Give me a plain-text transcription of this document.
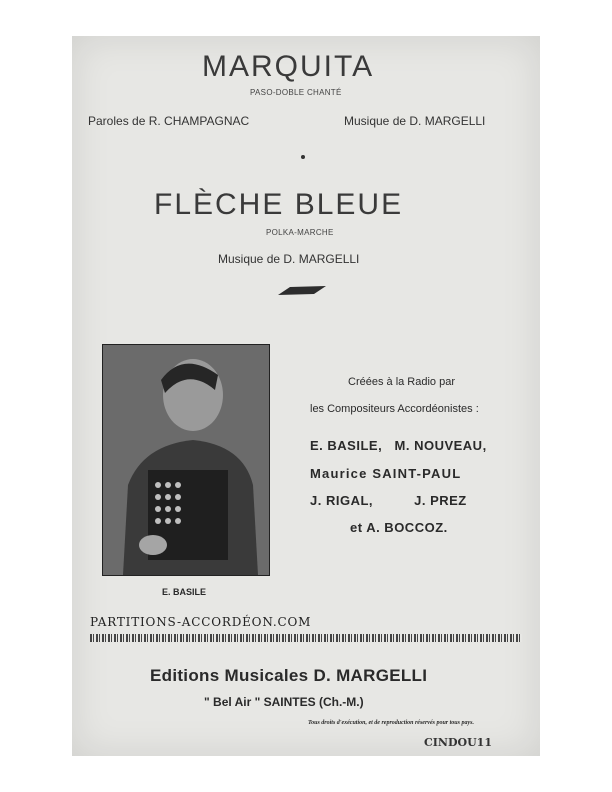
MARQUITA
PASO-DOBLE CHANTÉ
Paroles de R. CHAMPAGNAC	Musique de D. MARGELLI
FLÈCHE BLEUE
POLKA-MARCHE
Musique de D. MARGELLI
E. BASILE
Créées à la Radio par
les Compositeurs Accordéonistes :
E. BASILE,   M. NOUVEAU,
Maurice SAINT-PAUL
J. RIGAL,          J. PREZ
et A. BOCCOZ.
PARTITIONS-ACCORDÉON.COM
Editions Musicales D. MARGELLI
" Bel Air " SAINTES (Ch.-M.)
Tous droits d'exécution, et de reproduction réservés pour tous pays.
CINDOU11
